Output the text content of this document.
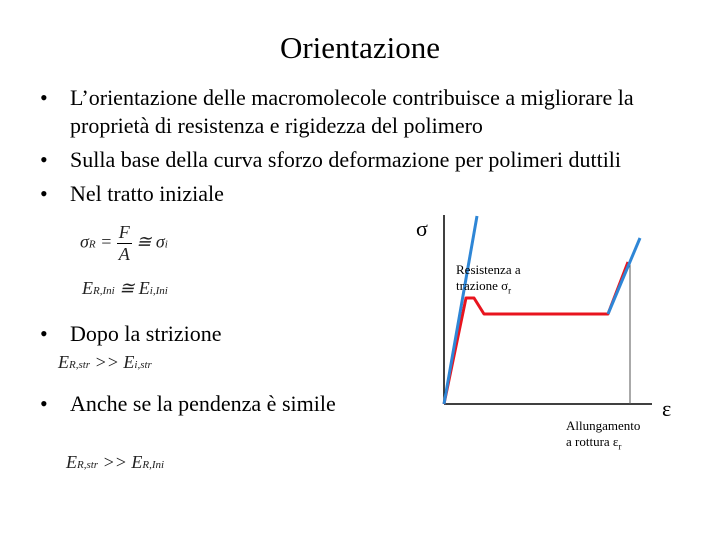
Orientazione
• L’orientazione delle macromolecole contribuisce a migliorare la
proprietà di resistenza e rigidezza del polimero
• Sulla base della curva sforzo deformazione per polimeri duttili
• Nel tratto iniziale
$\sigma R = \frac{F}{A}$ ≅ σi
ER,Ini ≅ Ei,Ini
• Dopo la strizione
ER,str >> Ei,str
• Anche se la pendenza è simile
ER,str >> ER,Ini
σ
ε
Resistenza a
trazione $\sigma_r$
Allungamento
a rottura $\varepsilon_r$
